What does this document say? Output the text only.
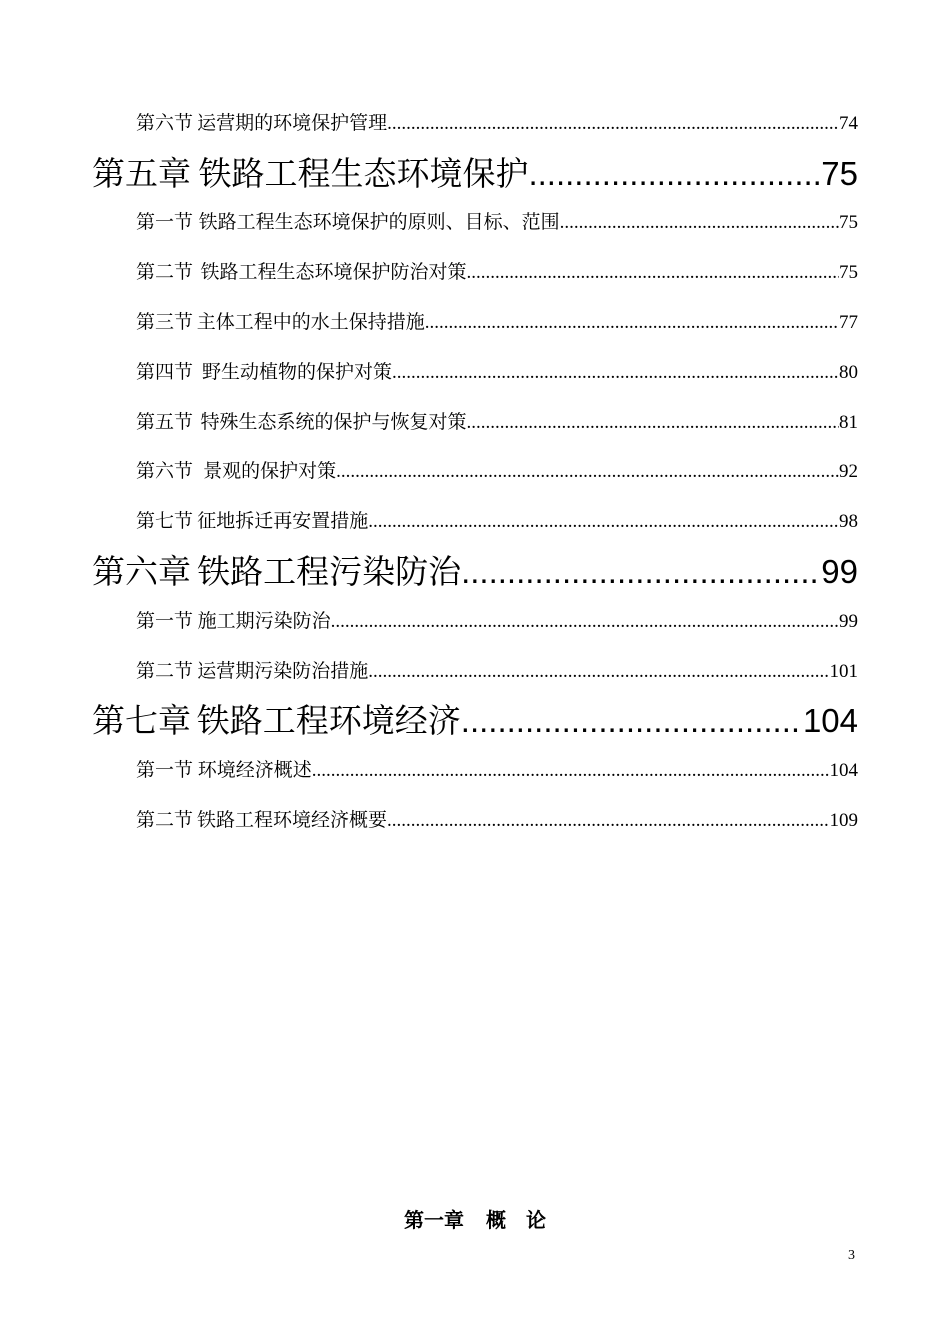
第六节 运营期的环境保护管理 .....	74
第五章 铁路工程生态环境保护 .....	75
第一节 铁路工程生态环境保护的原则、目标、范围 .....	75
第二节 铁路工程生态环境保护防治对策 .....	75
第三节 主体工程中的水土保持措施 .....	77
第四节 野生动植物的保护对策 .....	80
第五节 特殊生态系统的保护与恢复对策 .....	81
第六节 景观的保护对策 .....	92
第七节 征地拆迁再安置措施 .....	98
第六章 铁路工程污染防治 .....	99
第一节 施工期污染防治 .....	99
第二节 运营期污染防治措施 .....	101
第七章 铁路工程环境经济 .....	104
第一节 环境经济概述 .....	104
第二节 铁路工程环境经济概要 .....	109
第一章 概 论
3
